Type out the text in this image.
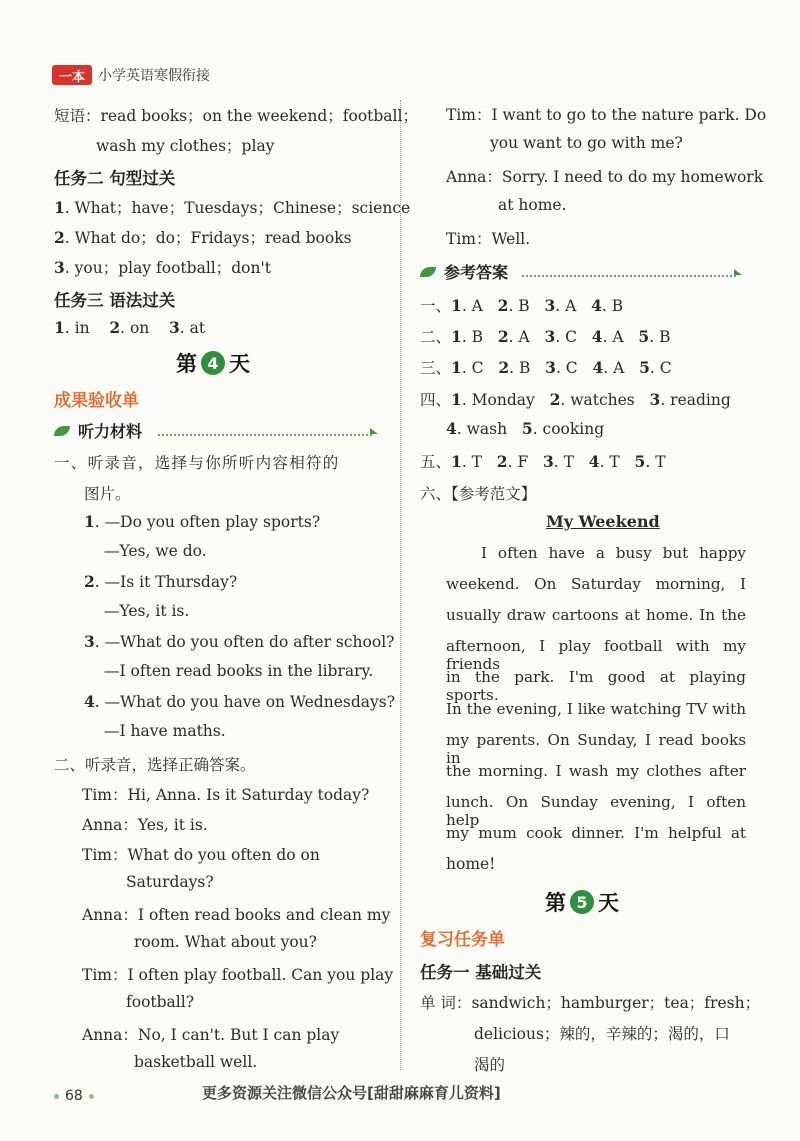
一本 小学英语寒假衔接
短语：read books；on the weekend；football；
wash my clothes；play
任务二 句型过关
1. What；have；Tuesdays；Chinese；science
2. What do；do；Fridays；read books
3. you；play football；don't
任务三 语法过关
1. in 2. on 3. at
第 4 天
成果验收单
听力材料
一、听录音，选择与你所听内容相符的
图片。
1. —Do you often play sports?
—Yes, we do.
2. —Is it Thursday?
—Yes, it is.
3. —What do you often do after school?
—I often read books in the library.
4. —What do you have on Wednesdays?
—I have maths.
二、听录音，选择正确答案。
Tim：Hi, Anna. Is it Saturday today?
Anna：Yes, it is.
Tim：What do you often do on
Saturdays?
Anna：I often read books and clean my
room. What about you?
Tim：I often play football. Can you play
football?
Anna：No, I can't. But I can play
basketball well.
Tim：I want to go to the nature park. Do
you want to go with me?
Anna：Sorry. I need to do my homework
at home.
Tim：Well.
参考答案
一、1. A 2. B 3. A 4. B
二、1. B 2. A 3. C 4. A 5. B
三、1. C 2. B 3. C 4. A 5. C
四、1. Monday 2. watches 3. reading
4. wash 5. cooking
五、1. T 2. F 3. T 4. T 5. T
六、【参考范文】
My Weekend
I often have a busy but happy
weekend. On Saturday morning, I
usually draw cartoons at home. In the
afternoon, I play football with my friends
in the park. I'm good at playing sports.
In the evening, I like watching TV with
my parents. On Sunday, I read books in
the morning. I wash my clothes after
lunch. On Sunday evening, I often help
my mum cook dinner. I'm helpful at
home!
第 5 天
复习任务单
任务一 基础过关
单 词：sandwich；hamburger；tea；fresh；
delicious；辣的，辛辣的；渴的，口
渴的
68	更多资源关注微信公众号[甜甜麻麻育儿资料]
